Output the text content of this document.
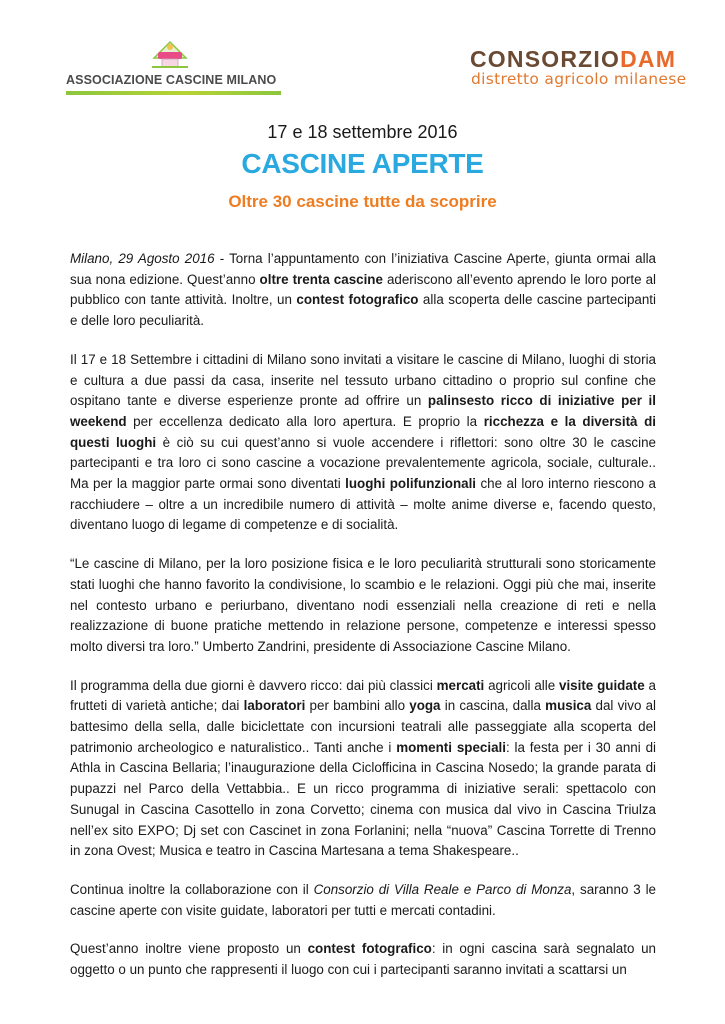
ASSOCIAZIONE CASCINE MILANO
CONSORZIODAM
distretto agricolo milanese
17 e 18 settembre 2016
CASCINE APERTE
Oltre 30 cascine tutte da scoprire

Milano, 29 Agosto 2016 - Torna l’appuntamento con l’iniziativa Cascine Aperte, giunta ormai alla sua nona edizione. Quest’anno oltre trenta cascine aderiscono all’evento aprendo le loro porte al pubblico con tante attività. Inoltre, un contest fotografico alla scoperta delle cascine partecipanti e delle loro peculiarità.

Il 17 e 18 Settembre i cittadini di Milano sono invitati a visitare le cascine di Milano, luoghi di storia e cultura a due passi da casa, inserite nel tessuto urbano cittadino o proprio sul confine che ospitano tante e diverse esperienze pronte ad offrire un palinsesto ricco di iniziative per il weekend per eccellenza dedicato alla loro apertura. E proprio la ricchezza e la diversità di questi luoghi è ciò su cui quest’anno si vuole accendere i riflettori: sono oltre 30 le cascine partecipanti e tra loro ci sono cascine a vocazione prevalentemente agricola, sociale, culturale.. Ma per la maggior parte ormai sono diventati luoghi polifunzionali che al loro interno riescono a racchiudere – oltre a un incredibile numero di attività – molte anime diverse e, facendo questo, diventano luogo di legame di competenze e di socialità.

“Le cascine di Milano, per la loro posizione fisica e le loro peculiarità strutturali sono storicamente stati luoghi che hanno favorito la condivisione, lo scambio e le relazioni. Oggi più che mai, inserite nel contesto urbano e periurbano, diventano nodi essenziali nella creazione di reti e nella realizzazione di buone pratiche mettendo in relazione persone, competenze e interessi spesso molto diversi tra loro.” Umberto Zandrini, presidente di Associazione Cascine Milano.

Il programma della due giorni è davvero ricco: dai più classici mercati agricoli alle visite guidate a frutteti di varietà antiche; dai laboratori per bambini allo yoga in cascina, dalla musica dal vivo al battesimo della sella, dalle biciclettate con incursioni teatrali alle passeggiate alla scoperta del patrimonio archeologico e naturalistico.. Tanti anche i momenti speciali: la festa per i 30 anni di Athla in Cascina Bellaria; l’inaugurazione della Ciclofficina in Cascina Nosedo; la grande parata di pupazzi nel Parco della Vettabbia.. E un ricco programma di iniziative serali: spettacolo con Sunugal in Cascina Casottello in zona Corvetto; cinema con musica dal vivo in Cascina Triulza nell’ex sito EXPO; Dj set con Cascinet in zona Forlanini; nella “nuova” Cascina Torrette di Trenno in zona Ovest; Musica e teatro in Cascina Martesana a tema Shakespeare..

Continua inoltre la collaborazione con il Consorzio di Villa Reale e Parco di Monza, saranno 3 le cascine aperte con visite guidate, laboratori per tutti e mercati contadini.

Quest’anno inoltre viene proposto un contest fotografico: in ogni cascina sarà segnalato un oggetto o un punto che rappresenti il luogo con cui i partecipanti saranno invitati a scattarsi un
